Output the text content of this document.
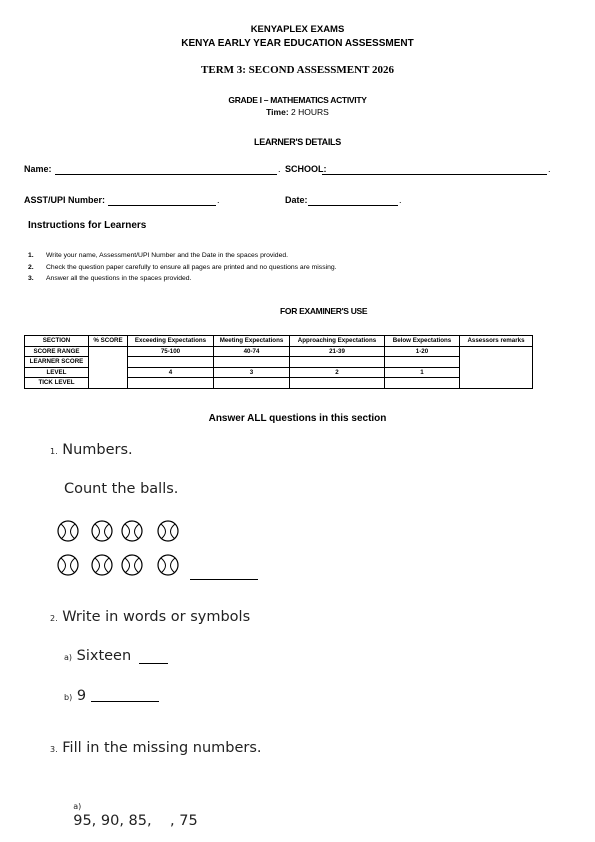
KENYAPLEX EXAMS
KENYA EARLY YEAR EDUCATION ASSESSMENT
TERM 3: SECOND ASSESSMENT 2026
GRADE I – MATHEMATICS ACTIVITY
Time: 2 HOURS
LEARNER'S DETAILS
Name:	. SCHOOL:	.
ASST/UPI Number:	.	Date:	.
Instructions for Learners
1. Write your name, Assessment/UPI Number and the Date in the spaces provided.
2. Check the question paper carefully to ensure all pages are printed and no questions are missing.
3. Answer all the questions in the spaces provided.
FOR EXAMINER'S USE
SECTION	% SCORE	Exceeding Expectations	Meeting Expectations	Approaching Expectations	Below Expectations	Assessors remarks
SCORE RANGE		75-100	40-74	21-39	1-20	
LEARNER SCORE						
LEVEL		4	3	2	1	
TICK LEVEL						
Answer ALL questions in this section
1. Numbers.
Count the balls.
2. Write in words or symbols
a) Sixteen
b) 9
3. Fill in the missing numbers.

a)
95, 90, 85,    , 75
